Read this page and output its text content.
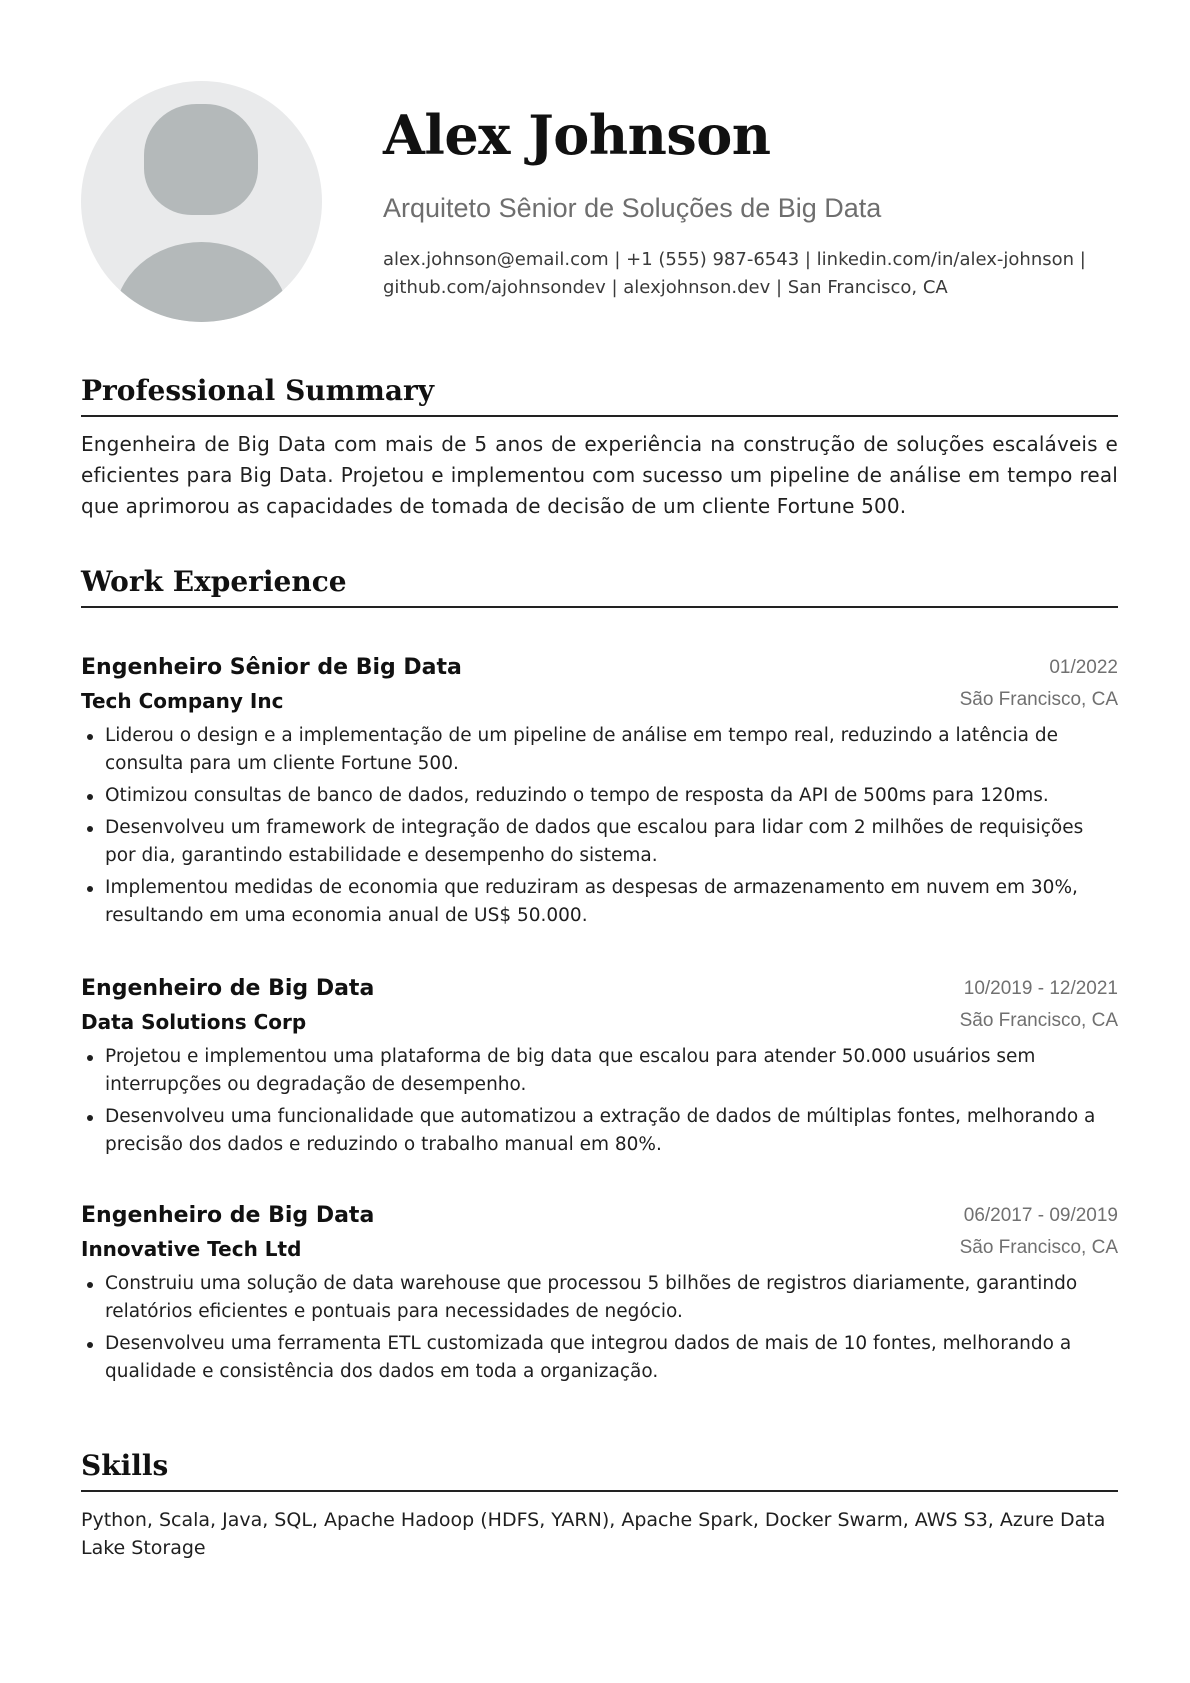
Alex Johnson
Arquiteto Sênior de Soluções de Big Data
alex.johnson@email.com | +1 (555) 987-6543 | linkedin.com/in/alex-johnson |
github.com/ajohnsondev | alexjohnson.dev | San Francisco, CA
Professional Summary

Engenheira de Big Data com mais de 5 anos de experiência na construção de soluções escaláveis e eficientes para Big Data. Projetou e implementou com sucesso um pipeline de análise em tempo real que aprimorou as capacidades de tomada de decisão de um cliente Fortune 500.

Work Experience
Engenheiro Sênior de Big Data	01/2022
Tech Company Inc	São Francisco, CA
Liderou o design e a implementação de um pipeline de análise em tempo real, reduzindo a latência de consulta para um cliente Fortune 500.
Otimizou consultas de banco de dados, reduzindo o tempo de resposta da API de 500ms para 120ms.
Desenvolveu um framework de integração de dados que escalou para lidar com 2 milhões de requisições por dia, garantindo estabilidade e desempenho do sistema.
Implementou medidas de economia que reduziram as despesas de armazenamento em nuvem em 30%, resultando em uma economia anual de US$ 50.000.
Engenheiro de Big Data	10/2019 - 12/2021
Data Solutions Corp	São Francisco, CA
Projetou e implementou uma plataforma de big data que escalou para atender 50.000 usuários sem interrupções ou degradação de desempenho.
Desenvolveu uma funcionalidade que automatizou a extração de dados de múltiplas fontes, melhorando a precisão dos dados e reduzindo o trabalho manual em 80%.
Engenheiro de Big Data	06/2017 - 09/2019
Innovative Tech Ltd	São Francisco, CA
Construiu uma solução de data warehouse que processou 5 bilhões de registros diariamente, garantindo relatórios eficientes e pontuais para necessidades de negócio.
Desenvolveu uma ferramenta ETL customizada que integrou dados de mais de 10 fontes, melhorando a qualidade e consistência dos dados em toda a organização.
Skills

Python, Scala, Java, SQL, Apache Hadoop (HDFS, YARN), Apache Spark, Docker Swarm, AWS S3, Azure Data Lake Storage
